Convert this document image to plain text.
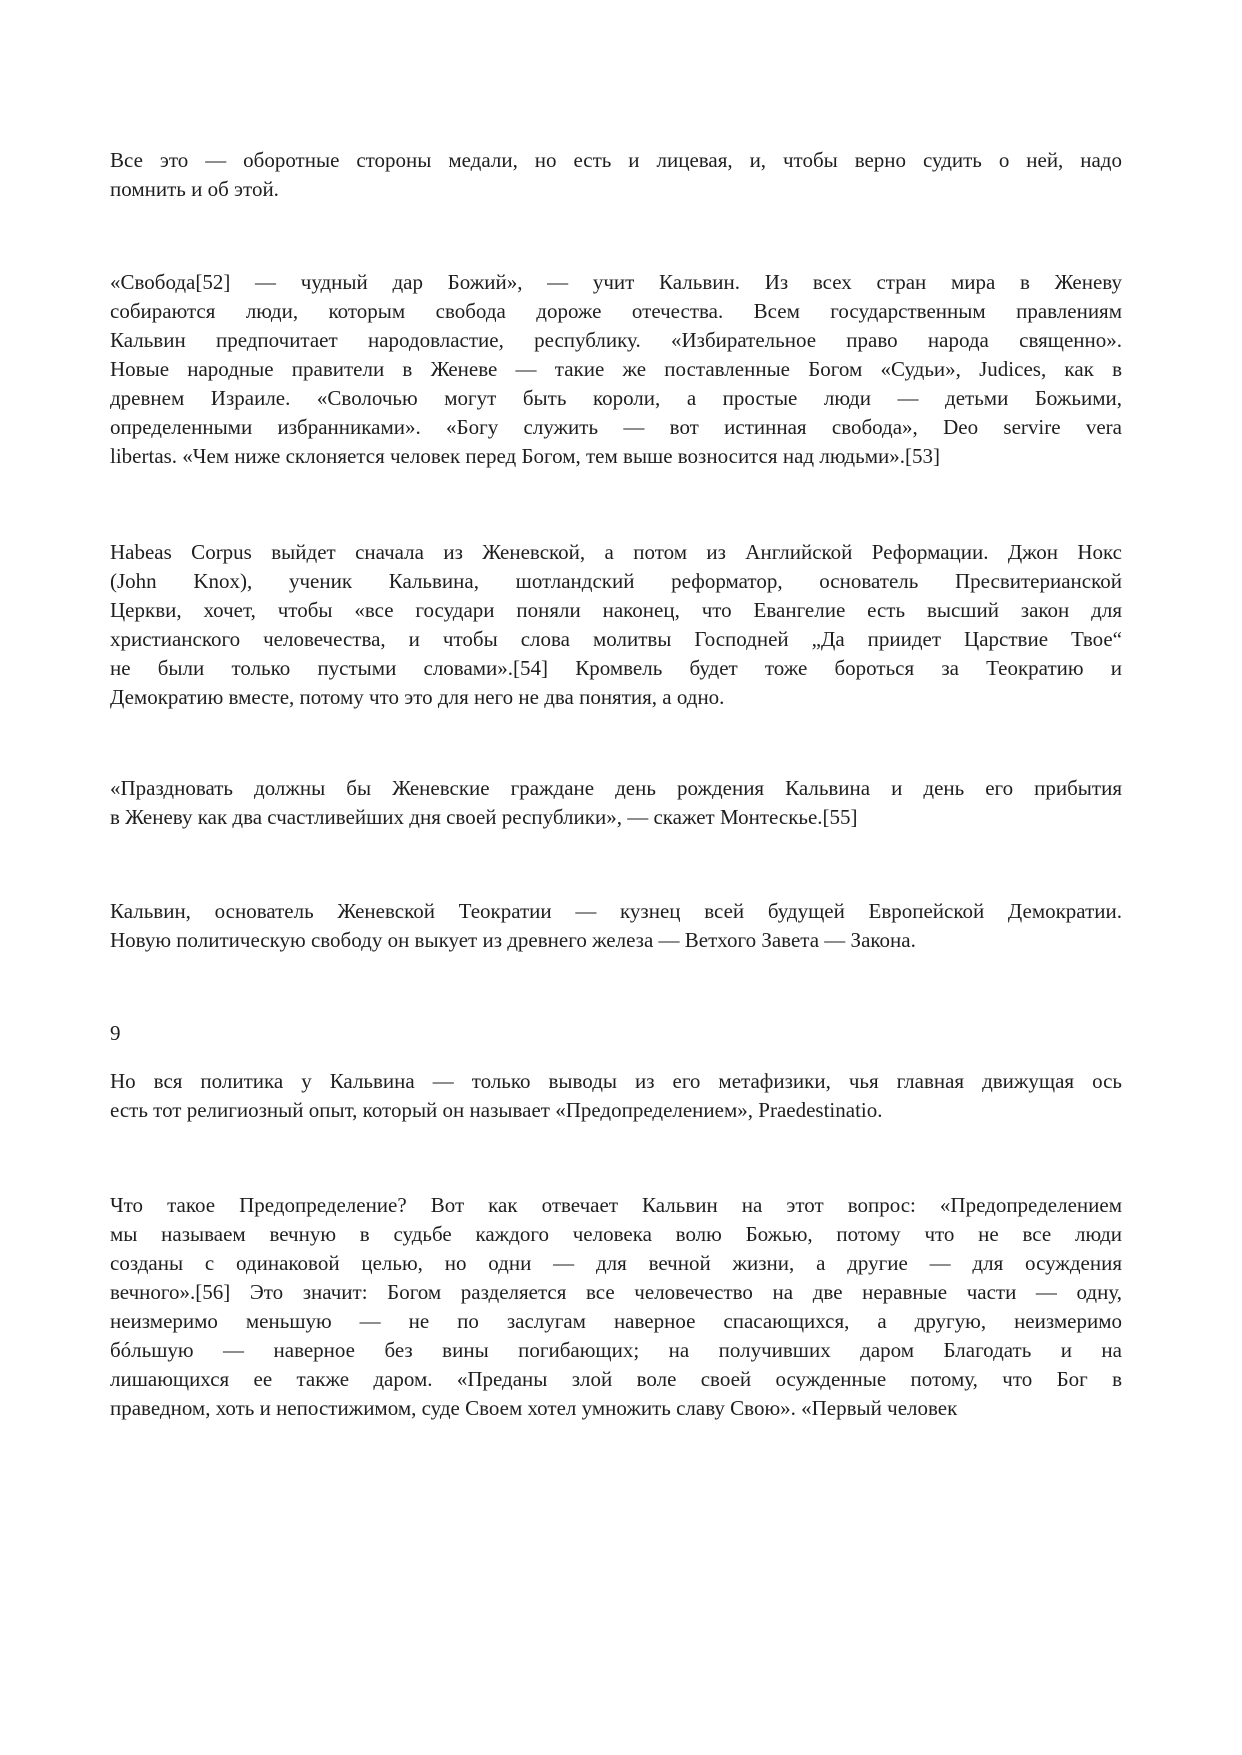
Все это — оборотные стороны медали, но есть и лицевая, и, чтобы верно судить о ней, надо
помнить и об этой.
«Свобода[52] — чудный дар Божий», — учит Кальвин. Из всех стран мира в Женеву
собираются люди, которым свобода дороже отечества. Всем государственным правлениям
Кальвин предпочитает народовластие, республику. «Избирательное право народа священно».
Новые народные правители в Женеве — такие же поставленные Богом «Судьи», Judices, как в
древнем Израиле. «Сволочью могут быть короли, а простые люди — детьми Божьими,
определенными избранниками». «Богу служить — вот истинная свобода», Deo servire vera
libertas. «Чем ниже склоняется человек перед Богом, тем выше возносится над людьми».[53]
Habeas Corpus выйдет сначала из Женевской, а потом из Английской Реформации. Джон Нокс
(John Knox), ученик Кальвина, шотландский реформатор, основатель Пресвитерианской
Церкви, хочет, чтобы «все государи поняли наконец, что Евангелие есть высший закон для
христианского человечества, и чтобы слова молитвы Господней „Да приидет Царствие Твое“
не были только пустыми словами».[54] Кромвель будет тоже бороться за Теократию и
Демократию вместе, потому что это для него не два понятия, а одно.
«Праздновать должны бы Женевские граждане день рождения Кальвина и день его прибытия
в Женеву как два счастливейших дня своей республики», — скажет Монтескье.[55]
Кальвин, основатель Женевской Теократии — кузнец всей будущей Европейской Демократии.
Новую политическую свободу он выкует из древнего железа — Ветхого Завета — Закона.
9
Но вся политика у Кальвина — только выводы из его метафизики, чья главная движущая ось
есть тот религиозный опыт, который он называет «Предопределением», Praedestinatio.
Что такое Предопределение? Вот как отвечает Кальвин на этот вопрос: «Предопределением
мы называем вечную в судьбе каждого человека волю Божью, потому что не все люди
созданы с одинаковой целью, но одни — для вечной жизни, а другие — для осуждения
вечного».[56] Это значит: Богом разделяется все человечество на две неравные части — одну,
неизмеримо меньшую — не по заслугам наверное спасающихся, а другую, неизмеримо
бóльшую — наверное без вины погибающих; на получивших даром Благодать и на
лишающихся ее также даром. «Преданы злой воле своей осужденные потому, что Бог в
праведном, хоть и непостижимом, суде Своем хотел умножить славу Свою». «Первый человек
